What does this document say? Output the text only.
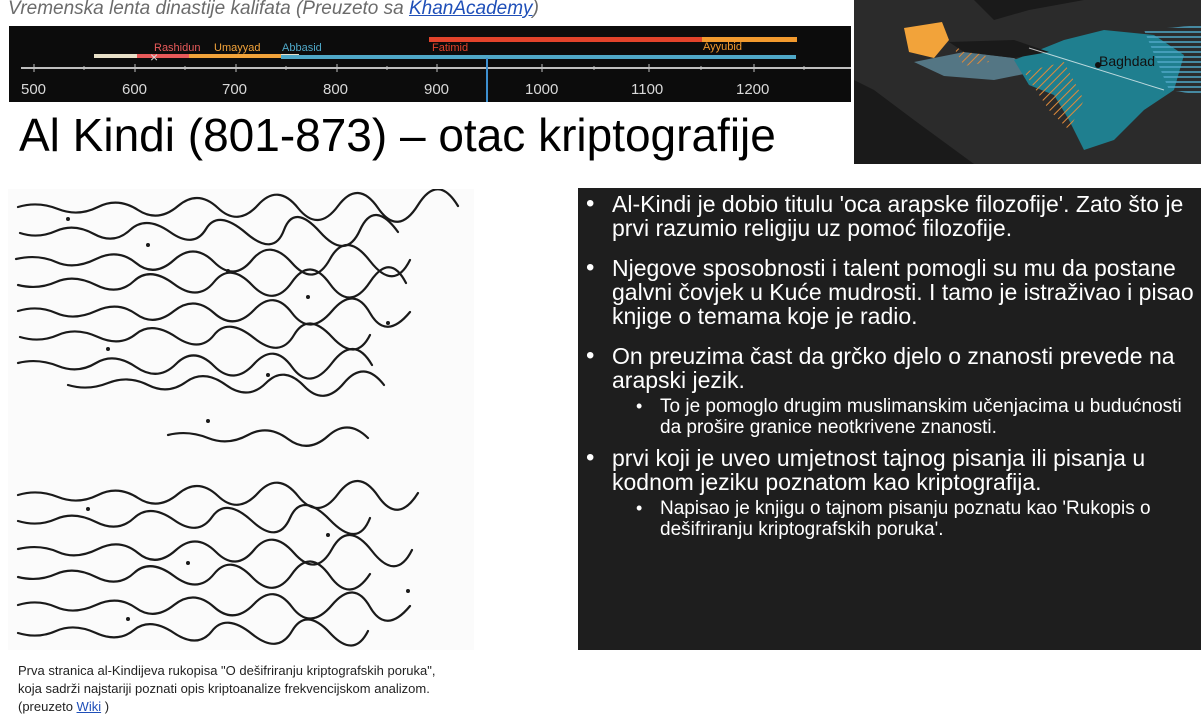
Vremenska lenta dinastije kalifata (Preuzeto sa KhanAcademy)
×
Rashidun Umayyad Abbasid	Fatimid	Ayyubid
500	600	700	800	900	1000	1100	1200
Baghdad
Al Kindi (801-873) – otac kriptografije
Prva stranica al-Kindijeva rukopisa "O dešifriranju kriptografskih poruka",
koja sadrži najstariji poznati opis kriptoanalize frekvencijskom analizom.
(preuzeto Wiki )
• Al-Kindi je dobio titulu 'oca arapske filozofije'. Zato što je prvi razumio religiju uz pomoć filozofije.
• Njegove sposobnosti i talent pomogli su mu da postane galvni čovjek u Kuće mudrosti. I tamo je istraživao i pisao knjige o temama koje je radio.
• On preuzima čast da grčko djelo o znanosti prevede na arapski jezik.
• To je pomoglo drugim muslimanskim učenjacima u budućnosti da prošire granice neotkrivene znanosti.
• prvi koji je uveo umjetnost tajnog pisanja ili pisanja u kodnom jeziku poznatom kao kriptografija.
• Napisao je knjigu o tajnom pisanju poznatu kao 'Rukopis o dešifriranju kriptografskih poruka'.
